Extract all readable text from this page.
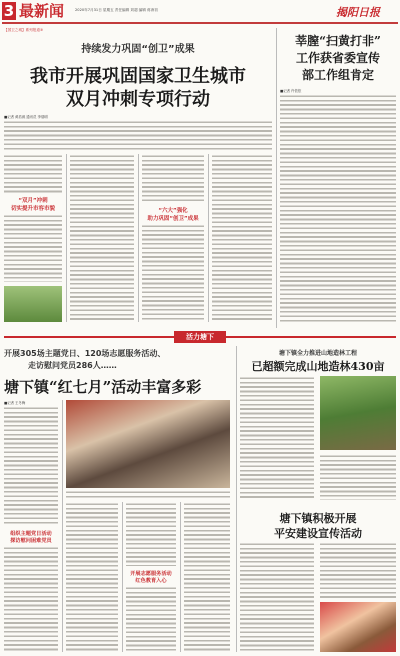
3 最新闻	2020年7月31日 星期五 责任编辑 刘超 编辑 蒋涛初	揭阳日报
【国卫之城】系列报道③
持续发力巩固“创卫”成果
我市开展巩固国家卫生城市
双月冲刺专项行动
■记者 黄浩威 通讯员 李瑞明
“双月”冲刺
切实提升市容市貌	“六大”强化
助力巩固“创卫”成果
莘膣“扫黄打非”
工作获省委宣传
部工作组肯定
■记者 许依依
活力塘下
开展305场主题党日、120场志愿服务活动、
走访慰问党员286人……
塘下镇“红七月”活动丰富多彩
■记者 王冬梅
组织主题党日活动
探访慰问困难党员
开展志愿服务活动
红色教育入心
塘下镇全力推进山地造林工程
已超额完成山地造林430亩
塘下镇积极开展
平安建设宣传活动
